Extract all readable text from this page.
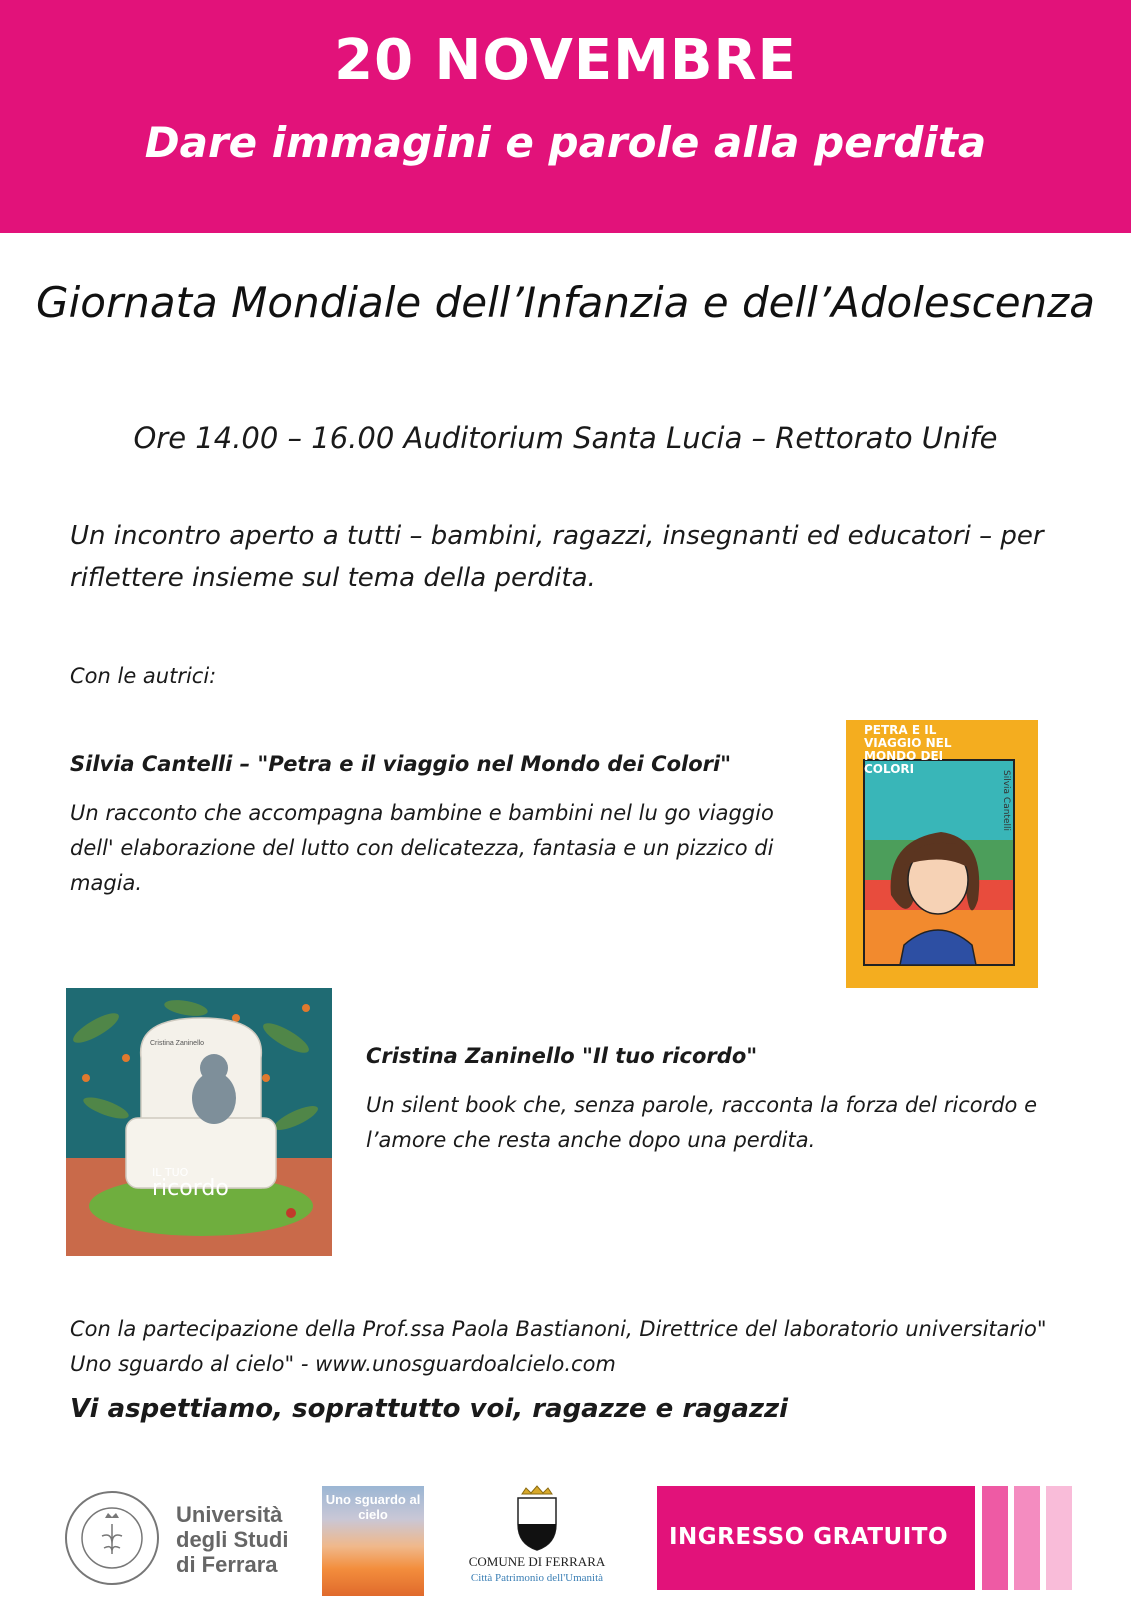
20 NOVEMBRE
Dare immagini e parole alla perdita
Giornata Mondiale dell’Infanzia e dell’Adolescenza
Ore 14.00 – 16.00 Auditorium Santa Lucia – Rettorato Unife
Un incontro aperto a tutti – bambini, ragazzi, insegnanti ed educatori – per riflettere insieme sul tema della perdita.
Con le autrici:
Silvia Cantelli – "Petra e il viaggio nel Mondo dei Colori"
Un racconto che accompagna bambine e bambini nel lu go viaggio dell' elaborazione del lutto con delicatezza, fantasia e un pizzico di magia.
Silvia Cantelli
PETRA E IL VIAGGIO NEL MONDO DEI COLORI
Cristina Zaninello
IL TUO
ricordo
Cristina Zaninello "Il tuo ricordo"
Un silent book che, senza parole, racconta la forza del ricordo e l’amore che resta anche dopo una perdita.
Con la partecipazione della Prof.ssa Paola Bastianoni, Direttrice del laboratorio universitario" Uno sguardo al cielo" - www.unosguardoalcielo.com
Vi aspettiamo, soprattutto voi, ragazze e ragazzi
Università
degli Studi
di Ferrara
Uno sguardo al cielo
COMUNE DI FERRARA
Città Patrimonio dell'Umanità
INGRESSO GRATUITO
